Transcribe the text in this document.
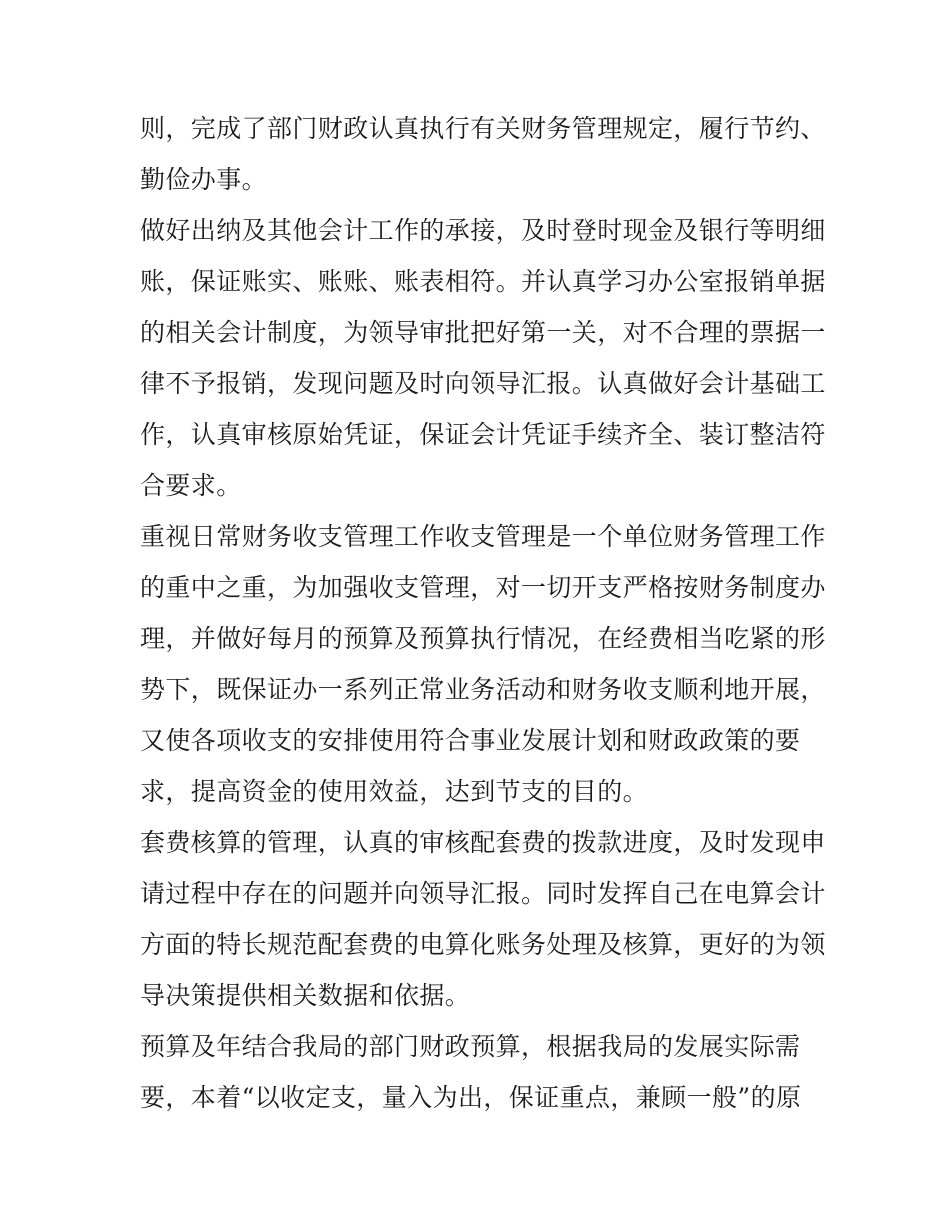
则，完成了部门财政认真执行有关财务管理规定，履行节约、
勤俭办事。
做好出纳及其他会计工作的承接，及时登时现金及银行等明细
账，保证账实、账账、账表相符。并认真学习办公室报销单据
的相关会计制度，为领导审批把好第一关，对不合理的票据一
律不予报销，发现问题及时向领导汇报。认真做好会计基础工
作，认真审核原始凭证，保证会计凭证手续齐全、装订整洁符
合要求。
重视日常财务收支管理工作收支管理是一个单位财务管理工作
的重中之重，为加强收支管理，对一切开支严格按财务制度办
理，并做好每月的预算及预算执行情况，在经费相当吃紧的形
势下，既保证办一系列正常业务活动和财务收支顺利地开展，
又使各项收支的安排使用符合事业发展计划和财政政策的要
求，提高资金的使用效益，达到节支的目的。
套费核算的管理，认真的审核配套费的拨款进度，及时发现申
请过程中存在的问题并向领导汇报。同时发挥自己在电算会计
方面的特长规范配套费的电算化账务处理及核算，更好的为领
导决策提供相关数据和依据。
预算及年结合我局的部门财政预算，根据我局的发展实际需
要，本着“以收定支，量入为出，保证重点，兼顾一般”的原
